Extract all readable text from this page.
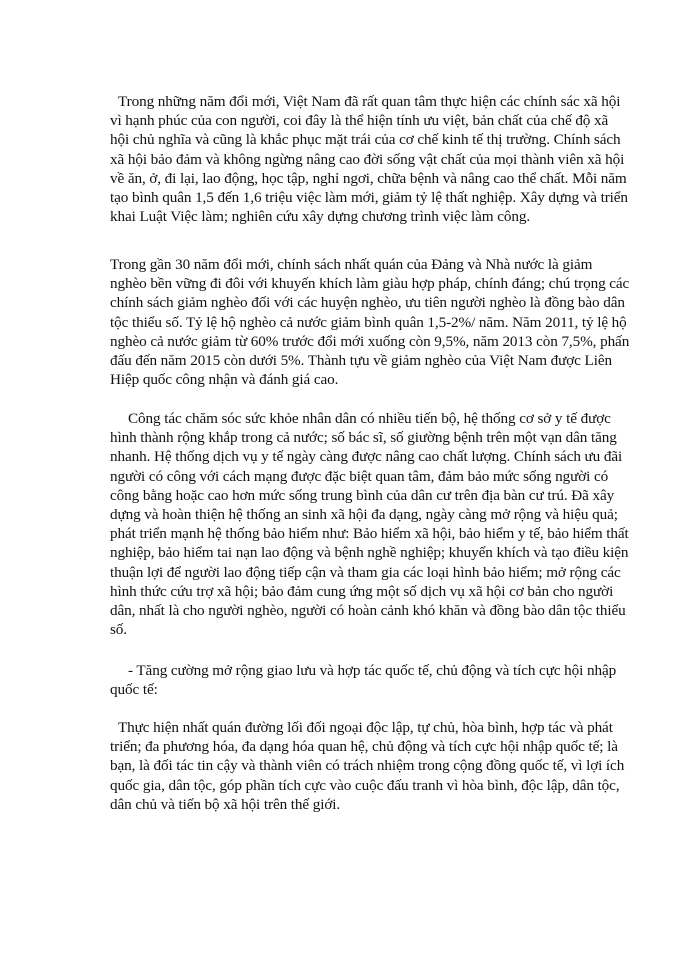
Trong những năm đổi mới, Việt Nam đã rất quan tâm thực hiện các chính sác xã hội vì hạnh phúc của con người, coi đây là thể hiện tính ưu việt, bản chất của chế độ xã hội chủ nghĩa và cũng là khắc phục mặt trái của cơ chế kinh tế thị trường. Chính sách xã hội bảo đảm và không ngừng nâng cao đời sống vật chất của mọi thành viên xã hội về ăn, ở, đi lại, lao động, học tập, nghỉ ngơi, chữa bệnh và nâng cao thể chất. Mỗi năm tạo bình quân 1,5 đến 1,6 triệu việc làm mới, giảm tỷ lệ thất nghiệp. Xây dựng và triển khai Luật Việc làm; nghiên cứu xây dựng chương trình việc làm công.

Trong gần 30 năm đổi mới, chính sách nhất quán của Đảng và Nhà nước là giảm nghèo bền vững đi đôi với khuyến khích làm giàu hợp pháp, chính đáng; chú trọng các chính sách giảm nghèo đối với các huyện nghèo, ưu tiên người nghèo là đồng bào dân tộc thiểu số. Tỷ lệ hộ nghèo cả nước giảm bình quân 1,5-2%/ năm. Năm 2011, tỷ lệ hộ nghèo cả nước giảm từ 60% trước đổi mới xuống còn 9,5%, năm 2013 còn 7,5%, phấn đấu đến năm 2015 còn dưới 5%. Thành tựu về giảm nghèo của Việt Nam được Liên Hiệp quốc công nhận và đánh giá cao.

Công tác chăm sóc sức khỏe nhân dân có nhiều tiến bộ, hệ thống cơ sở y tế được hình thành rộng khắp trong cả nước; số bác sĩ, số giường bệnh trên một vạn dân tăng nhanh. Hệ thống dịch vụ y tế ngày càng được nâng cao chất lượng. Chính sách ưu đãi người có công với cách mạng được đặc biệt quan tâm, đảm bảo mức sống người có công bằng hoặc cao hơn mức sống trung bình của dân cư trên địa bàn cư trú. Đã xây dựng và hoàn thiện hệ thống an sinh xã hội đa dạng, ngày càng mở rộng và hiệu quả; phát triển mạnh hệ thống bảo hiểm như: Bảo hiểm xã hội, bảo hiểm y tế, bảo hiểm thất nghiệp, bảo hiểm tai nạn lao động và bệnh nghề nghiệp; khuyến khích và tạo điều kiện thuận lợi để người lao động tiếp cận và tham gia các loại hình bảo hiểm; mở rộng các hình thức cứu trợ xã hội; bảo đảm cung ứng một số dịch vụ xã hội cơ bản cho người dân, nhất là cho người nghèo, người có hoàn cảnh khó khăn và đồng bào dân tộc thiểu số.

- Tăng cường mở rộng giao lưu và hợp tác quốc tế, chủ động và tích cực hội nhập quốc tế:

Thực hiện nhất quán đường lối đối ngoại độc lập, tự chủ, hòa bình, hợp tác và phát triển; đa phương hóa, đa dạng hóa quan hệ, chủ động và tích cực hội nhập quốc tế; là bạn, là đối tác tin cậy và thành viên có trách nhiệm trong cộng đồng quốc tế, vì lợi ích quốc gia, dân tộc, góp phần tích cực vào cuộc đấu tranh vì hòa bình, độc lập, dân tộc, dân chủ và tiến bộ xã hội trên thế giới.
